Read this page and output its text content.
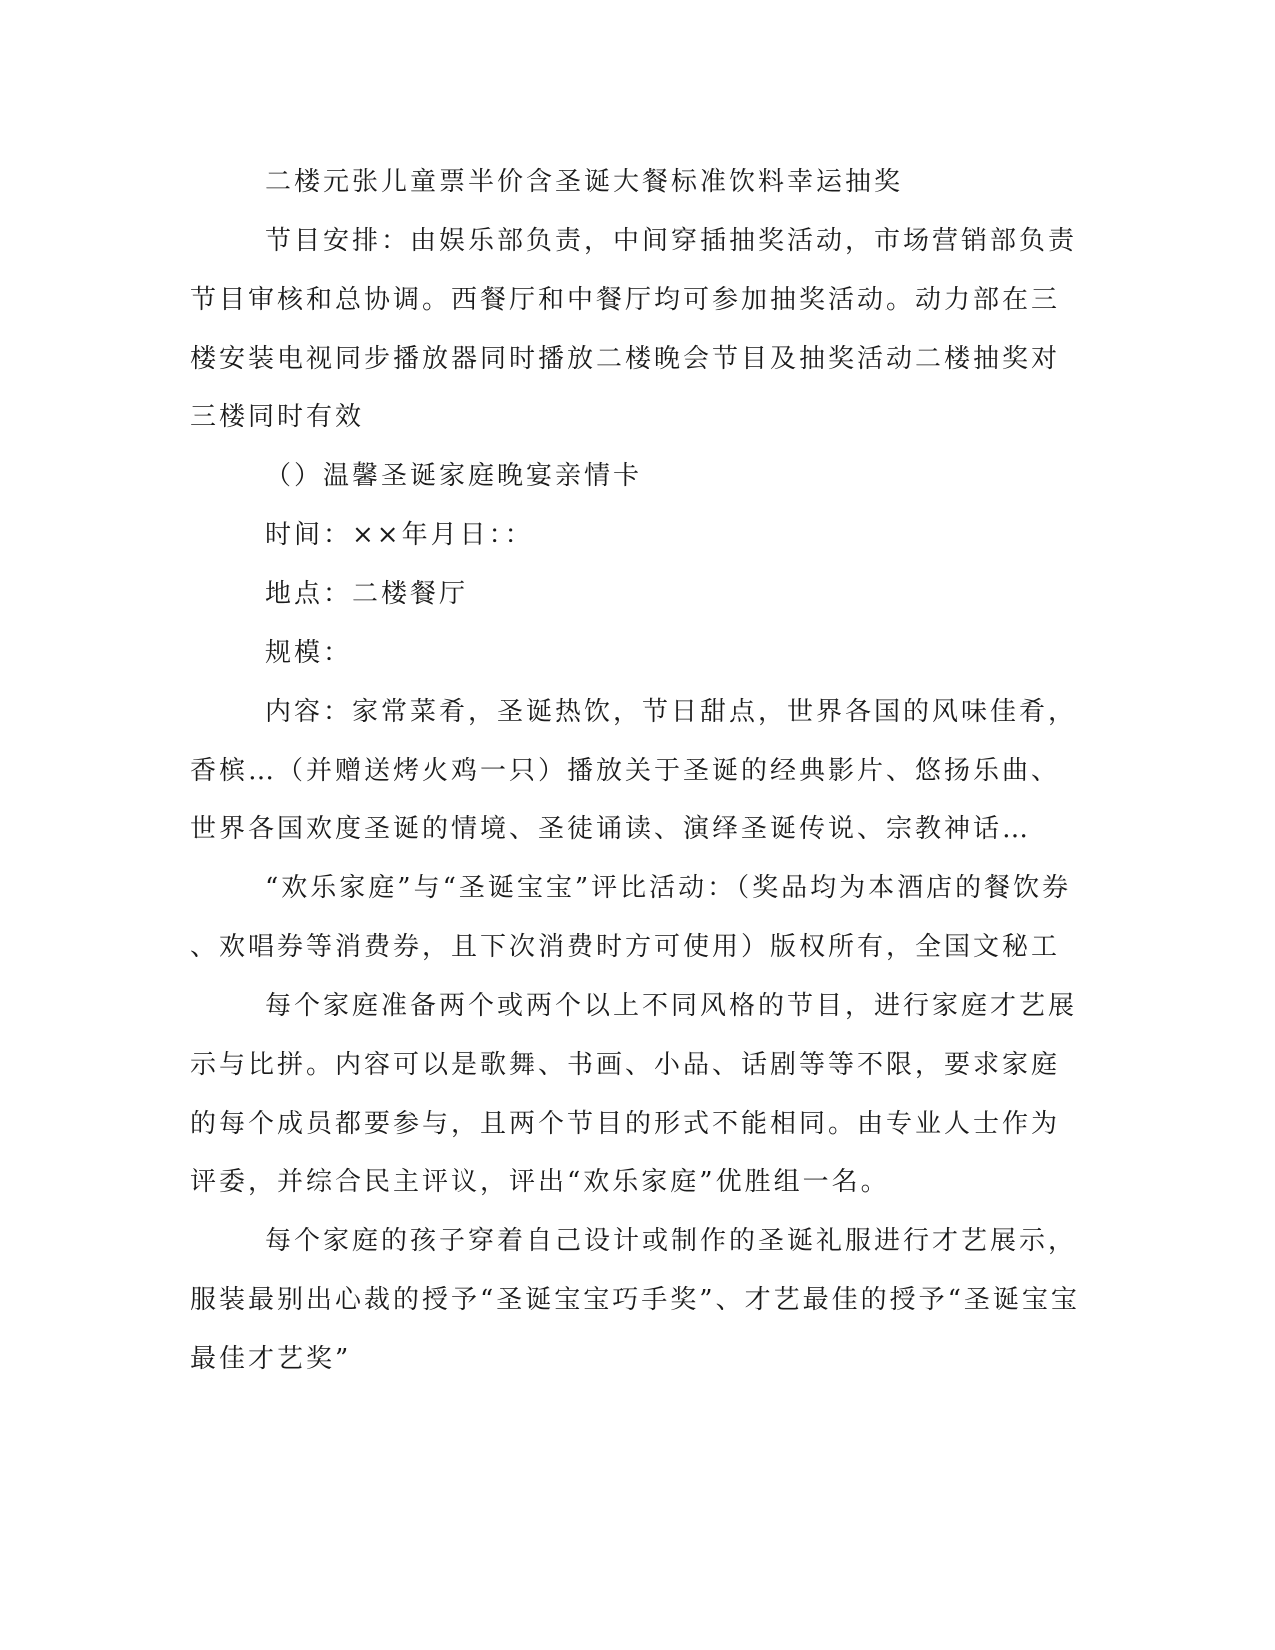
二楼元张儿童票半价含圣诞大餐标准饮料幸运抽奖

节目安排：由娱乐部负责，中间穿插抽奖活动，市场营销部负责

节目审核和总协调。西餐厅和中餐厅均可参加抽奖活动。动力部在三

楼安装电视同步播放器同时播放二楼晚会节目及抽奖活动二楼抽奖对

三楼同时有效

（）温馨圣诞家庭晚宴亲情卡

时间：××年月日：：

地点：二楼餐厅

规模：

内容：家常菜肴，圣诞热饮，节日甜点，世界各国的风味佳肴，

香槟…（并赠送烤火鸡一只）播放关于圣诞的经典影片、悠扬乐曲、

世界各国欢度圣诞的情境、圣徒诵读、演绎圣诞传说、宗教神话…

“欢乐家庭”与“圣诞宝宝”评比活动：（奖品均为本酒店的餐饮券

、欢唱券等消费券，且下次消费时方可使用）版权所有，全国文秘工

每个家庭准备两个或两个以上不同风格的节目，进行家庭才艺展

示与比拼。内容可以是歌舞、书画、小品、话剧等等不限，要求家庭

的每个成员都要参与，且两个节目的形式不能相同。由专业人士作为

评委，并综合民主评议，评出“欢乐家庭”优胜组一名。

每个家庭的孩子穿着自己设计或制作的圣诞礼服进行才艺展示，

服装最别出心裁的授予“圣诞宝宝巧手奖”、才艺最佳的授予“圣诞宝宝

最佳才艺奖”
